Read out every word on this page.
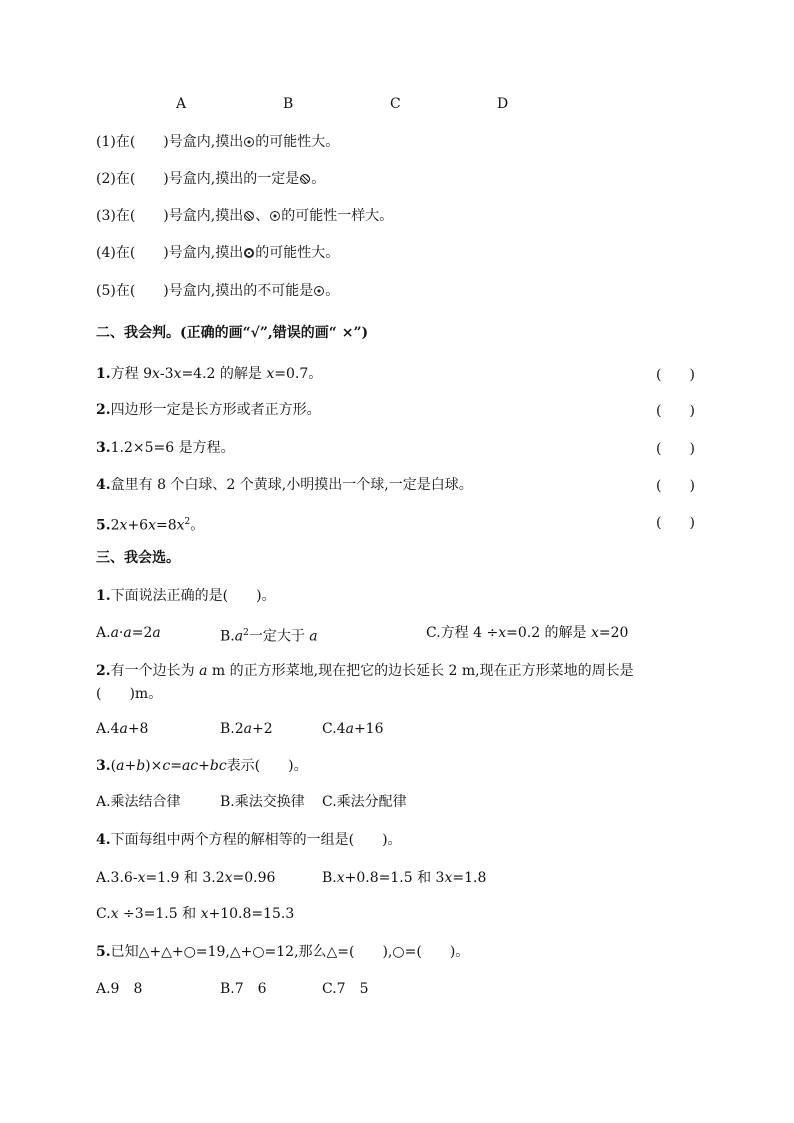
A	B	C	D
(1)在(　　)号盒内,摸出 的可能性大。
(2)在(　　)号盒内,摸出的一定是 。
(3)在(　　)号盒内,摸出 、 的可能性一样大。
(4)在(　　)号盒内,摸出 的可能性大。
(5)在(　　)号盒内,摸出的不可能是 。
二、我会判。(正确的画“√”,错误的画“ ×”)
1.方程 9x-3x=4.2 的解是 x=0.7。	(　　)
2.四边形一定是长方形或者正方形。	(　　)
3.1.2×5=6 是方程。	(　　)
4.盒里有 8 个白球、2 个黄球,小明摸出一个球,一定是白球。	(　　)
$5.2x+6x=8x^2$。	(　　)
三、我会选。
1.下面说法正确的是(　　)。
A.a·a=2a	$B.a^2$一定大于 a	C.方程 4 ÷x=0.2 的解是 x=20
2.有一个边长为 a m 的正方形菜地,现在把它的边长延长 2 m,现在正方形菜地的周长是
(　　)m。
A.4a+8	B.2a+2	C.4a+16
3.(a+b)×c=ac+bc表示(　　)。
A.乘法结合律	B.乘法交换律 C.乘法分配律
4.下面每组中两个方程的解相等的一组是(　　)。
A.3.6-x=1.9 和 3.2x=0.96	B.x+0.8=1.5 和 3x=1.8
C.x ÷3=1.5 和 x+10.8=15.3
5.已知△+△+○=19,△+○=12,那么△=(　　),○=(　　)。
A.9　8	B.7　6	C.7　5
